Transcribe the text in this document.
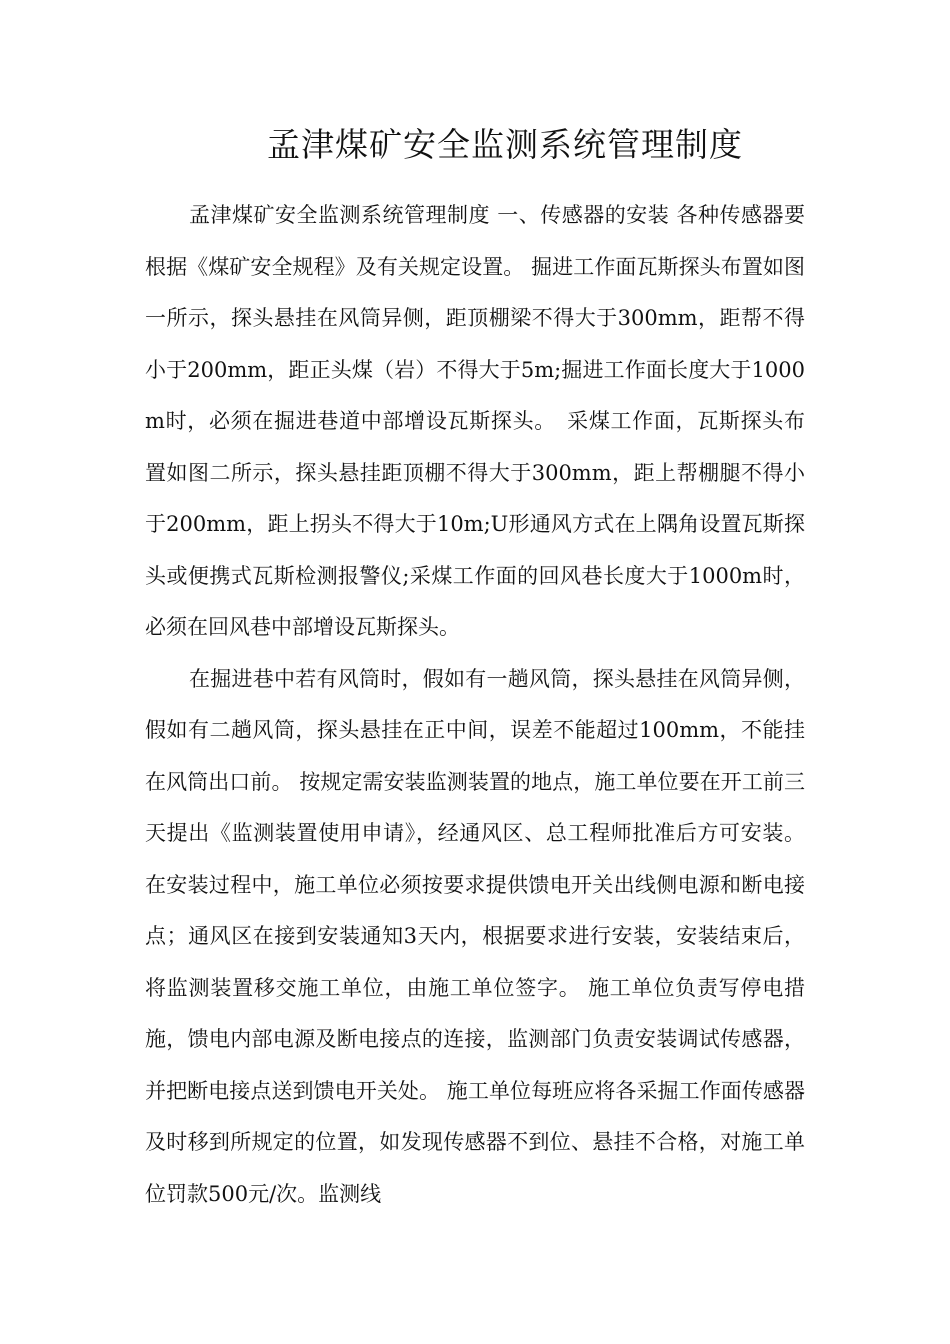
孟津煤矿安全监测系统管理制度

孟津煤矿安全监测系统管理制度 一、传感器的安装 各种传感器要根据《煤矿安全规程》及有关规定设置。 掘进工作面瓦斯探头布置如图一所示，探头悬挂在风筒异侧，距顶棚梁不得大于300mm，距帮不得小于200mm，距正头煤（岩）不得大于5m;掘进工作面长度大于1000m时，必须在掘进巷道中部增设瓦斯探头。　采煤工作面，瓦斯探头布置如图二所示，探头悬挂距顶棚不得大于300mm，距上帮棚腿不得小于200mm，距上拐头不得大于10m;U形通风方式在上隅角设置瓦斯探头或便携式瓦斯检测报警仪;采煤工作面的回风巷长度大于1000m时，必须在回风巷中部增设瓦斯探头。

在掘进巷中若有风筒时，假如有一趟风筒，探头悬挂在风筒异侧，假如有二趟风筒，探头悬挂在正中间，误差不能超过100mm，不能挂在风筒出口前。 按规定需安装监测装置的地点，施工单位要在开工前三天提出《监测装置使用申请》，经通风区、总工程师批准后方可安装。在安装过程中，施工单位必须按要求提供馈电开关出线侧电源和断电接点；通风区在接到安装通知3天内，根据要求进行安装，安装结束后，将监测装置移交施工单位，由施工单位签字。 施工单位负责写停电措施，馈电内部电源及断电接点的连接，监测部门负责安装调试传感器，并把断电接点送到馈电开关处。 施工单位每班应将各采掘工作面传感器及时移到所规定的位置，如发现传感器不到位、悬挂不合格，对施工单位罚款500元/次。监测线
